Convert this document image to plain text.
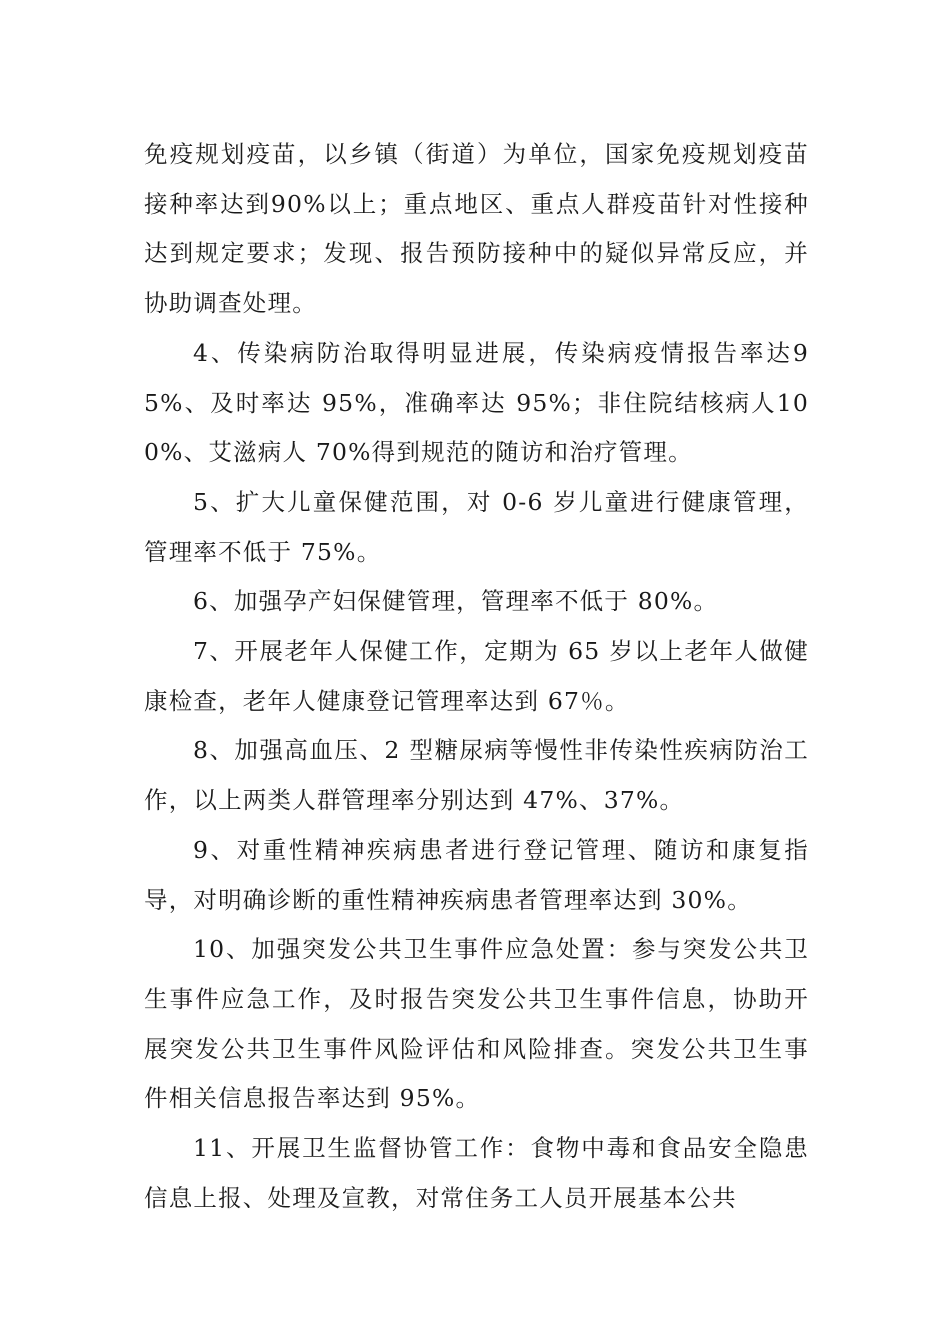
免疫规划疫苗，以乡镇（街道）为单位，国家免疫规划疫苗接种率达到90%以上；重点地区、重点人群疫苗针对性接种达到规定要求；发现、报告预防接种中的疑似异常反应，并协助调查处理。

4、传染病防治取得明显进展，传染病疫情报告率达95%、及时率达 95%，准确率达 95%；非住院结核病人100%、艾滋病人 70%得到规范的随访和治疗管理。

5、扩大儿童保健范围，对 0-6 岁儿童进行健康管理，管理率不低于 75%。

6、加强孕产妇保健管理，管理率不低于 80%。

7、开展老年人保健工作，定期为 65 岁以上老年人做健康检查，老年人健康登记管理率达到 67％。

8、加强高血压、2 型糖尿病等慢性非传染性疾病防治工作，以上两类人群管理率分别达到 47%、37%。

9、对重性精神疾病患者进行登记管理、随访和康复指导，对明确诊断的重性精神疾病患者管理率达到 30%。

10、加强突发公共卫生事件应急处置：参与突发公共卫生事件应急工作，及时报告突发公共卫生事件信息，协助开展突发公共卫生事件风险评估和风险排查。突发公共卫生事件相关信息报告率达到 95%。

11、开展卫生监督协管工作：食物中毒和食品安全隐患信息上报、处理及宣教，对常住务工人员开展基本公共
